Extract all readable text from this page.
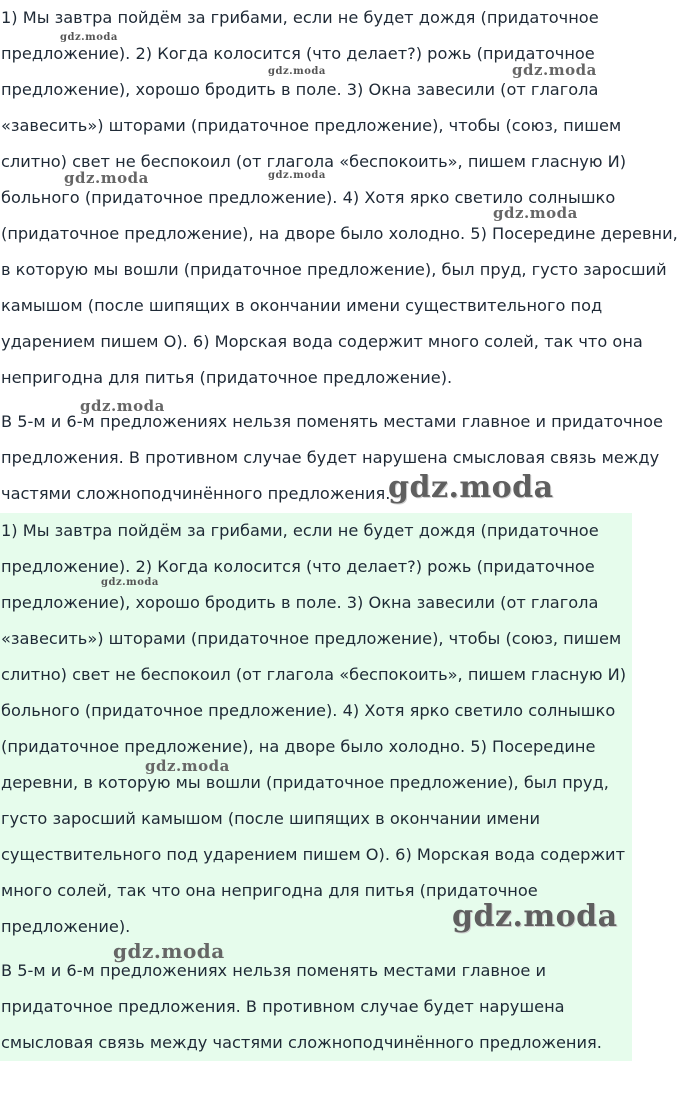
1) Мы завтра пойдём за грибами, если не будет дождя (придаточное
предложение). 2) Когда колосится (что делает?) рожь (придаточное
предложение), хорошо бродить в поле. 3) Окна завесили (от глагола
«завесить») шторами (придаточное предложение), чтобы (союз, пишем
слитно) свет не беспокоил (от глагола «беспокоить», пишем гласную И)
больного (придаточное предложение). 4) Хотя ярко светило солнышко
(придаточное предложение), на дворе было холодно. 5) Посередине деревни,
в которую мы вошли (придаточное предложение), был пруд, густо заросший
камышом (после шипящих в окончании имени существительного под
ударением пишем О). 6) Морская вода содержит много солей, так что она
непригодна для питья (придаточное предложение).

В 5-м и 6-м предложениях нельзя поменять местами главное и придаточное
предложения. В противном случае будет нарушена смысловая связь между
частями сложноподчинённого предложения.

1) Мы завтра пойдём за грибами, если не будет дождя (придаточное
предложение). 2) Когда колосится (что делает?) рожь (придаточное
предложение), хорошо бродить в поле. 3) Окна завесили (от глагола
«завесить») шторами (придаточное предложение), чтобы (союз, пишем
слитно) свет не беспокоил (от глагола «беспокоить», пишем гласную И)
больного (придаточное предложение). 4) Хотя ярко светило солнышко
(придаточное предложение), на дворе было холодно. 5) Посередине
деревни, в которую мы вошли (придаточное предложение), был пруд,
густо заросший камышом (после шипящих в окончании имени
существительного под ударением пишем О). 6) Морская вода содержит
много солей, так что она непригодна для питья (придаточное
предложение).

В 5-м и 6-м предложениях нельзя поменять местами главное и
придаточное предложения. В противном случае будет нарушена
смысловая связь между частями сложноподчинённого предложения.

gdz.moda
gdz.moda	gdz.moda
gdz.moda	gdz.moda
gdz.moda
gdz.moda
gdz.moda
gdz.moda
gdz.moda
gdz.moda
gdz.moda
